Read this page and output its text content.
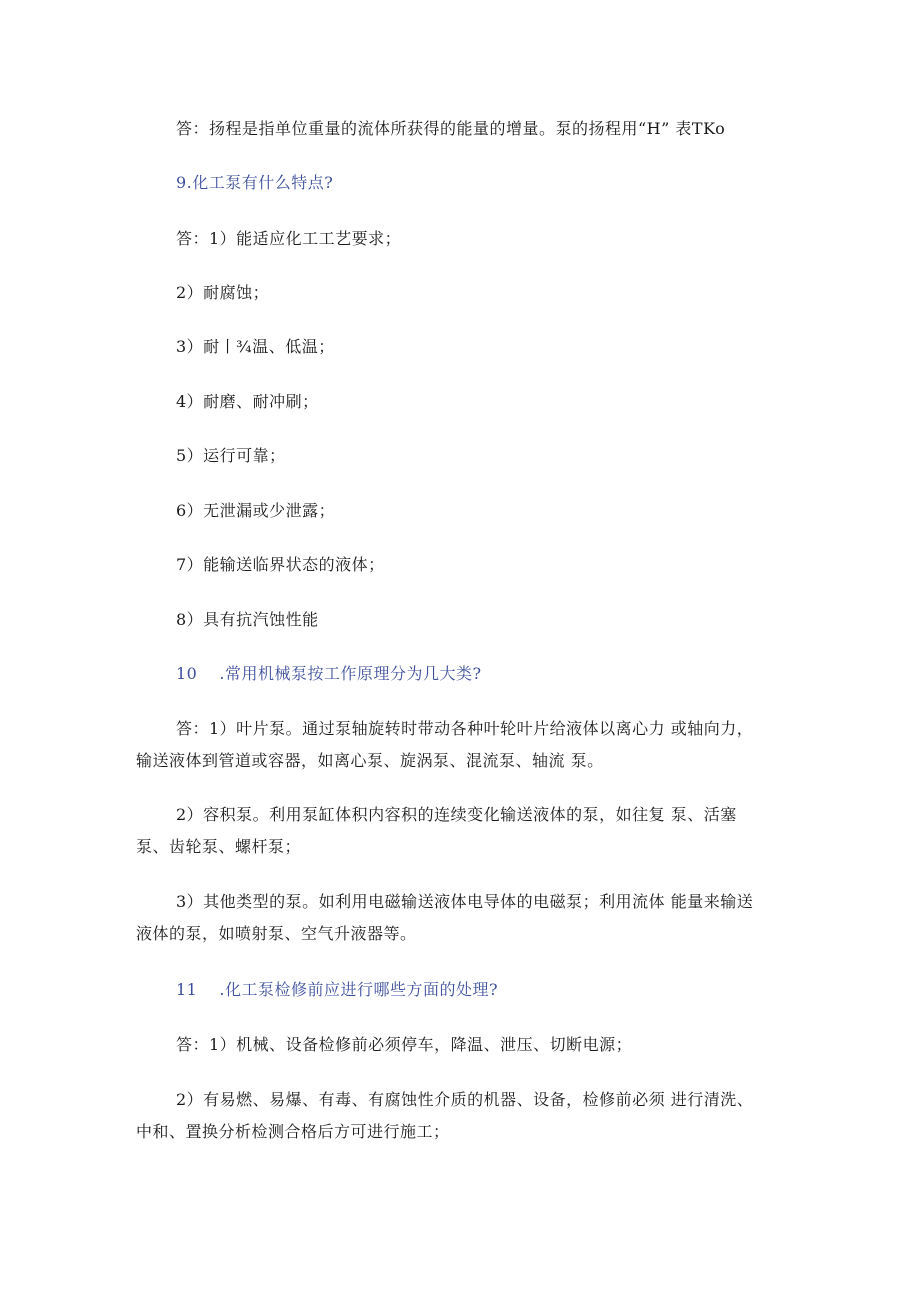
答：扬程是指单位重量的流体所获得的能量的增量。泵的扬程用“H” 表TKo
9.化工泵有什么特点?
答：1）能适应化工工艺要求；
2）耐腐蚀；
3）耐丨¾温、低温；
4）耐磨、耐冲刷；
5）运行可靠；
6）无泄漏或少泄露；
7）能输送临界状态的液体；
8）具有抗汽蚀性能
10 .常用机械泵按工作原理分为几大类?
答：1）叶片泵。通过泵轴旋转时带动各种叶轮叶片给液体以离心力 或轴向力，
输送液体到管道或容器，如离心泵、旋涡泵、混流泵、轴流 泵。
2）容积泵。利用泵缸体积内容积的连续变化输送液体的泵，如往复 泵、活塞
泵、齿轮泵、螺杆泵；
3）其他类型的泵。如利用电磁输送液体电导体的电磁泵；利用流体 能量来输送
液体的泵，如喷射泵、空气升液器等。
11 .化工泵检修前应进行哪些方面的处理?
答：1）机械、设备检修前必须停车，降温、泄压、切断电源；
2）有易燃、易爆、有毒、有腐蚀性介质的机器、设备，检修前必须 进行清洗、
中和、置换分析检测合格后方可进行施工；
